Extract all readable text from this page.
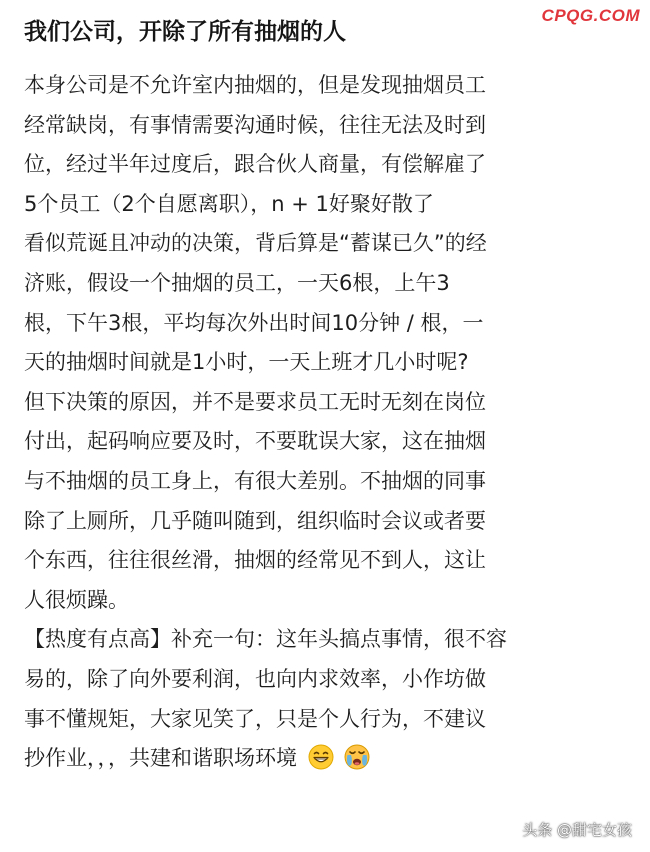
CPQG.COM
我们公司，开除了所有抽烟的人
本身公司是不允许室内抽烟的，但是发现抽烟员工
经常缺岗，有事情需要沟通时候，往往无法及时到
位，经过半年过度后，跟合伙人商量，有偿解雇了
5个员工（2个自愿离职），n + 1好聚好散了
看似荒诞且冲动的决策，背后算是“蓄谋已久”的经
济账，假设一个抽烟的员工，一天6根，上午3
根，下午3根，平均每次外出时间10分钟 / 根，一
天的抽烟时间就是1小时，一天上班才几小时呢?
但下决策的原因，并不是要求员工无时无刻在岗位
付出，起码响应要及时，不要耽误大家，这在抽烟
与不抽烟的员工身上，有很大差别。不抽烟的同事
除了上厕所，几乎随叫随到，组织临时会议或者要
个东西，往往很丝滑，抽烟的经常见不到人，这让
人很烦躁。
【热度有点高】补充一句：这年头搞点事情，很不容
易的，除了向外要利润，也向内求效率，小作坊做
事不懂规矩，大家见笑了，只是个人行为，不建议
抄作业，，，共建和谐职场环境
头条 @甜宅女孩
